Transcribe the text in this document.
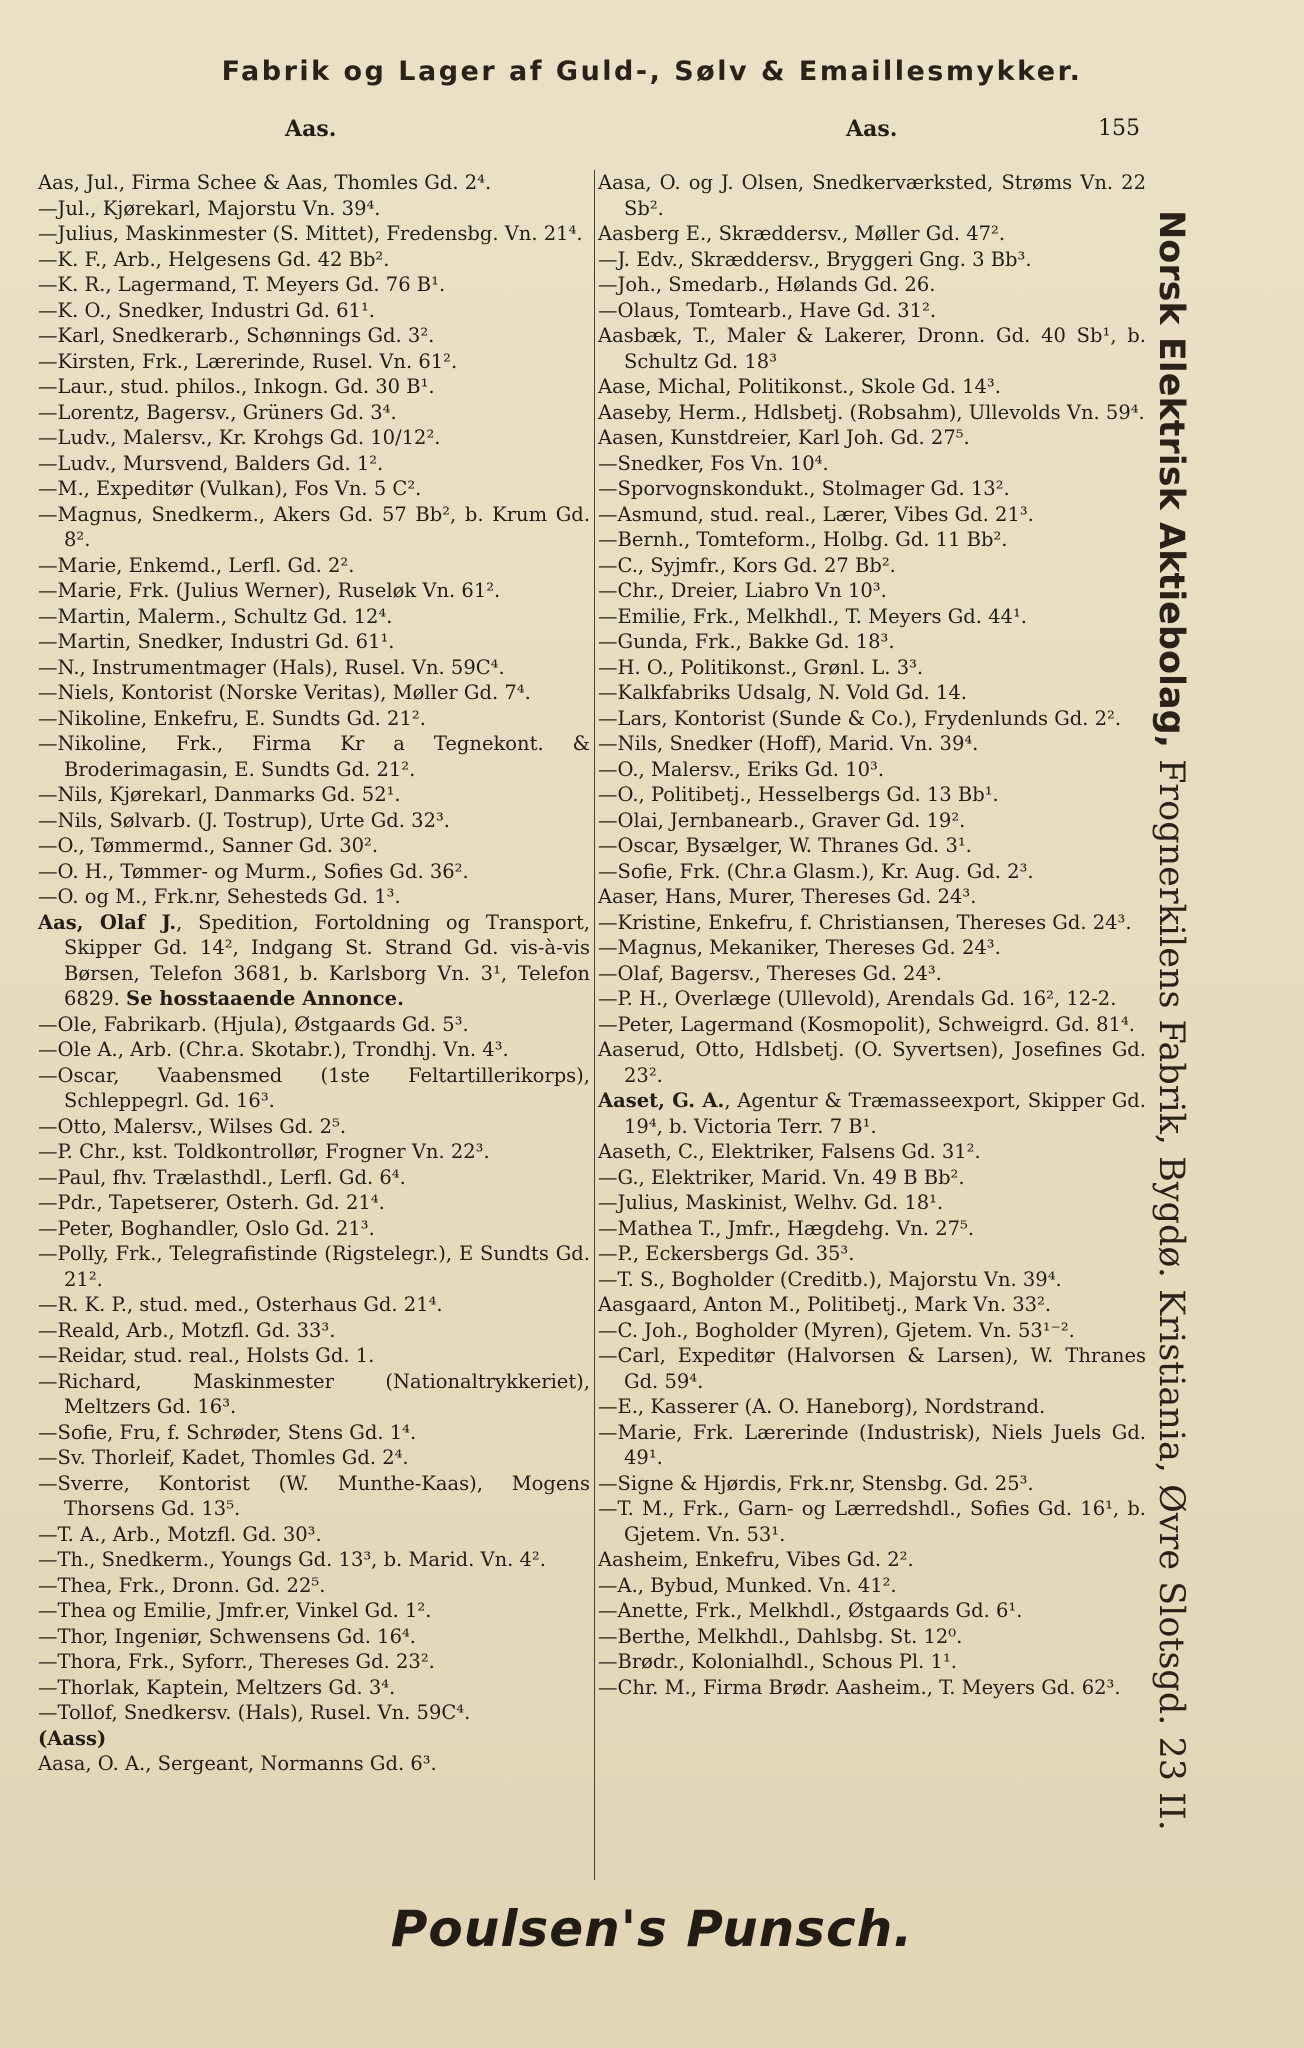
Fabrik og Lager af Guld-, Sølv & Emaillesmykker.
Aas.	Aas.	155

Aas, Jul., Firma Schee & Aas, Thomles Gd. 2⁴.

—Jul., Kjørekarl, Majorstu Vn. 39⁴.

—Julius, Maskinmester (S. Mittet), Fredensbg. Vn. 21⁴.

—K. F., Arb., Helgesens Gd. 42 Bb².

—K. R., Lagermand, T. Meyers Gd. 76 B¹.

—K. O., Snedker, Industri Gd. 61¹.

—Karl, Snedkerarb., Schønnings Gd. 3².

—Kirsten, Frk., Lærerinde, Rusel. Vn. 61².

—Laur., stud. philos., Inkogn. Gd. 30 B¹.

—Lorentz, Bagersv., Grüners Gd. 3⁴.

—Ludv., Malersv., Kr. Krohgs Gd. 10/12².

—Ludv., Mursvend, Balders Gd. 1².

—M., Expeditør (Vulkan), Fos Vn. 5 C².

—Magnus, Snedkerm., Akers Gd. 57 Bb², b. Krum Gd. 8².

—Marie, Enkemd., Lerfl. Gd. 2².

—Marie, Frk. (Julius Werner), Ruseløk Vn. 61².

—Martin, Malerm., Schultz Gd. 12⁴.

—Martin, Snedker, Industri Gd. 61¹.

—N., Instrumentmager (Hals), Rusel. Vn. 59C⁴.

—Niels, Kontorist (Norske Veritas), Møller Gd. 7⁴.

—Nikoline, Enkefru, E. Sundts Gd. 21².

—Nikoline, Frk., Firma Kr a Tegnekont. & Broderimagasin, E. Sundts Gd. 21².

—Nils, Kjørekarl, Danmarks Gd. 52¹.

—Nils, Sølvarb. (J. Tostrup), Urte Gd. 32³.

—O., Tømmermd., Sanner Gd. 30².

—O. H., Tømmer- og Murm., Sofies Gd. 36².

—O. og M., Frk.nr, Sehesteds Gd. 1³.

Aas, Olaf J., Spedition, Fortoldning og Transport, Skipper Gd. 14², Indgang St. Strand Gd. vis-à-vis Børsen, Telefon 3681, b. Karlsborg Vn. 3¹, Telefon 6829. Se hosstaaende Annonce.

—Ole, Fabrikarb. (Hjula), Østgaards Gd. 5³.

—Ole A., Arb. (Chr.a. Skotabr.), Trondhj. Vn. 4³.

—Oscar, Vaabensmed (1ste Feltartillerikorps), Schleppegrl. Gd. 16³.

—Otto, Malersv., Wilses Gd. 2⁵.

—P. Chr., kst. Toldkontrollør, Frogner Vn. 22³.

—Paul, fhv. Trælasthdl., Lerfl. Gd. 6⁴.

—Pdr., Tapetserer, Osterh. Gd. 21⁴.

—Peter, Boghandler, Oslo Gd. 21³.

—Polly, Frk., Telegrafistinde (Rigstelegr.), E Sundts Gd. 21².

—R. K. P., stud. med., Osterhaus Gd. 21⁴.

—Reald, Arb., Motzfl. Gd. 33³.

—Reidar, stud. real., Holsts Gd. 1.

—Richard, Maskinmester (Nationaltrykkeriet), Meltzers Gd. 16³.

—Sofie, Fru, f. Schrøder, Stens Gd. 1⁴.

—Sv. Thorleif, Kadet, Thomles Gd. 2⁴.

—Sverre, Kontorist (W. Munthe-Kaas), Mogens Thorsens Gd. 13⁵.

—T. A., Arb., Motzfl. Gd. 30³.

—Th., Snedkerm., Youngs Gd. 13³, b. Marid. Vn. 4².

—Thea, Frk., Dronn. Gd. 22⁵.

—Thea og Emilie, Jmfr.er, Vinkel Gd. 1².

—Thor, Ingeniør, Schwensens Gd. 16⁴.

—Thora, Frk., Syforr., Thereses Gd. 23².

—Thorlak, Kaptein, Meltzers Gd. 3⁴.

—Tollof, Snedkersv. (Hals), Rusel. Vn. 59C⁴.

(Aass)

Aasa, O. A., Sergeant, Normanns Gd. 6³.

Aasa, O. og J. Olsen, Snedkerværksted, Strøms Vn. 22 Sb².

Aasberg E., Skræddersv., Møller Gd. 47².

—J. Edv., Skræddersv., Bryggeri Gng. 3 Bb³.

—Joh., Smedarb., Hølands Gd. 26.

—Olaus, Tomtearb., Have Gd. 31².

Aasbæk, T., Maler & Lakerer, Dronn. Gd. 40 Sb¹, b. Schultz Gd. 18³

Aase, Michal, Politikonst., Skole Gd. 14³.

Aaseby, Herm., Hdlsbetj. (Robsahm), Ullevolds Vn. 59⁴.

Aasen, Kunstdreier, Karl Joh. Gd. 27⁵.

—Snedker, Fos Vn. 10⁴.

—Sporvognskondukt., Stolmager Gd. 13².

—Asmund, stud. real., Lærer, Vibes Gd. 21³.

—Bernh., Tomteform., Holbg. Gd. 11 Bb².

—C., Syjmfr., Kors Gd. 27 Bb².

—Chr., Dreier, Liabro Vn 10³.

—Emilie, Frk., Melkhdl., T. Meyers Gd. 44¹.

—Gunda, Frk., Bakke Gd. 18³.

—H. O., Politikonst., Grønl. L. 3³.

—Kalkfabriks Udsalg, N. Vold Gd. 14.

—Lars, Kontorist (Sunde & Co.), Frydenlunds Gd. 2².

—Nils, Snedker (Hoff), Marid. Vn. 39⁴.

—O., Malersv., Eriks Gd. 10³.

—O., Politibetj., Hesselbergs Gd. 13 Bb¹.

—Olai, Jernbanearb., Graver Gd. 19².

—Oscar, Bysælger, W. Thranes Gd. 3¹.

—Sofie, Frk. (Chr.a Glasm.), Kr. Aug. Gd. 2³.

Aaser, Hans, Murer, Thereses Gd. 24³.

—Kristine, Enkefru, f. Christiansen, Thereses Gd. 24³.

—Magnus, Mekaniker, Thereses Gd. 24³.

—Olaf, Bagersv., Thereses Gd. 24³.

—P. H., Overlæge (Ullevold), Arendals Gd. 16², 12-2.

—Peter, Lagermand (Kosmopolit), Schweigrd. Gd. 81⁴.

Aaserud, Otto, Hdlsbetj. (O. Syvertsen), Josefines Gd. 23².

Aaset, G. A., Agentur & Træmasseexport, Skipper Gd. 19⁴, b. Victoria Terr. 7 B¹.

Aaseth, C., Elektriker, Falsens Gd. 31².

—G., Elektriker, Marid. Vn. 49 B Bb².

—Julius, Maskinist, Welhv. Gd. 18¹.

—Mathea T., Jmfr., Hægdehg. Vn. 27⁵.

—P., Eckersbergs Gd. 35³.

—T. S., Bogholder (Creditb.), Majorstu Vn. 39⁴.

Aasgaard, Anton M., Politibetj., Mark Vn. 33².

—C. Joh., Bogholder (Myren), Gjetem. Vn. 53¹⁻².

—Carl, Expeditør (Halvorsen & Larsen), W. Thranes Gd. 59⁴.

—E., Kasserer (A. O. Haneborg), Nordstrand.

—Marie, Frk. Lærerinde (Industrisk), Niels Juels Gd. 49¹.

—Signe & Hjørdis, Frk.nr, Stensbg. Gd. 25³.

—T. M., Frk., Garn- og Lærredshdl., Sofies Gd. 16¹, b. Gjetem. Vn. 53¹.

Aasheim, Enkefru, Vibes Gd. 2².

—A., Bybud, Munked. Vn. 41².

—Anette, Frk., Melkhdl., Østgaards Gd. 6¹.

—Berthe, Melkhdl., Dahlsbg. St. 12⁰.

—Brødr., Kolonialhdl., Schous Pl. 1¹.

—Chr. M., Firma Brødr. Aasheim., T. Meyers Gd. 62³.

Norsk Elektrisk Aktiebolag, Frognerkilens Fabrik, Bygdø. Kristiania, Øvre Slotsgd. 23 II.
Poulsen's Punsch.
